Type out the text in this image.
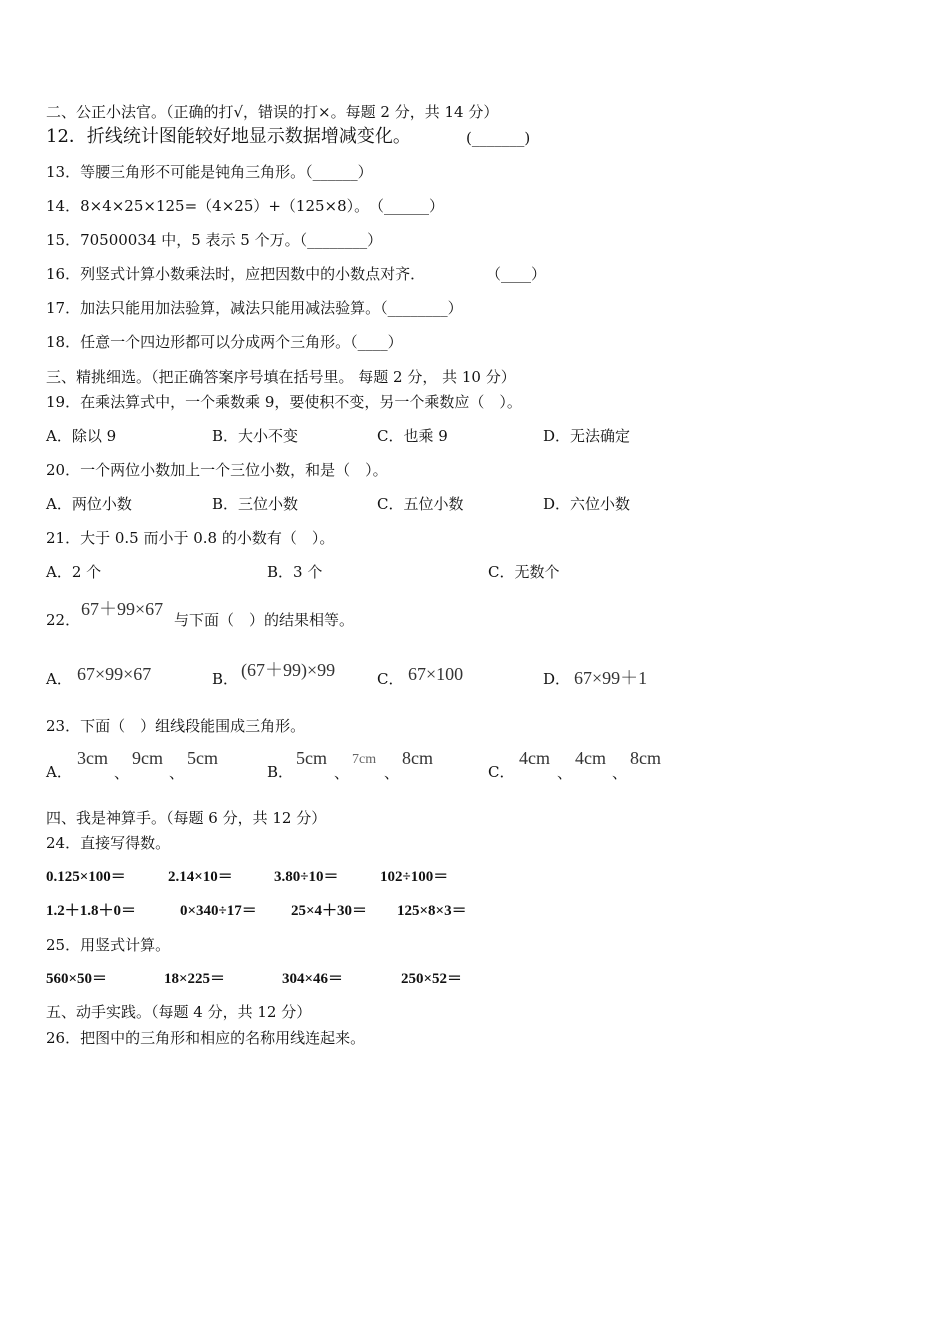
二、公正小法官。（正确的打√，错误的打×。每题 2 分，共 14 分）
12．折线统计图能较好地显示数据增减变化。	(_______)
13．等腰三角形不可能是钝角三角形。（______）
14．8×4×25×125=（4×25）+（125×8）。 （______）
15．70500034 中，5 表示 5 个万。（________）
16．列竖式计算小数乘法时，应把因数中的小数点对齐．	（____）
17．加法只能用加法验算，减法只能用减法验算。（________）
18．任意一个四边形都可以分成两个三角形。（____）
三、精挑细选。（把正确答案序号填在括号里。 每题 2 分， 共 10 分）
19．在乘法算式中，一个乘数乘 9，要使积不变，另一个乘数应（　）。
A．除以 9	B．大小不变	C．也乘 9	D．无法确定
20．一个两位小数加上一个三位小数，和是（　）。
A．两位小数	B．三位小数	C．五位小数	D．六位小数
21．大于 0.5 而小于 0.8 的小数有（　）。
A．2 个	B．3 个	C．无数个
22．
67＋99×67
与下面（　）的结果相等。
A． 67×99×67	B． (67＋99)×99	C． 67×100	D． 67×99＋1
23．下面（　）组线段能围成三角形。
A．
3cm
、
9cm
、
5cm
B．
5cm
、
7cm
、
8cm
C．
4cm
、
4cm
、
8cm
四、我是神算手。（每题 6 分，共 12 分）
24．直接写得数。
0.125×100＝	2.14×10＝	3.80÷10＝	102÷100＝
1.2＋1.8＋0＝	0×340÷17＝ 25×4＋30＝ 125×8×3＝
25．用竖式计算。
560×50＝	18×225＝	304×46＝	250×52＝
五、动手实践。（每题 4 分，共 12 分）
26．把图中的三角形和相应的名称用线连起来。
